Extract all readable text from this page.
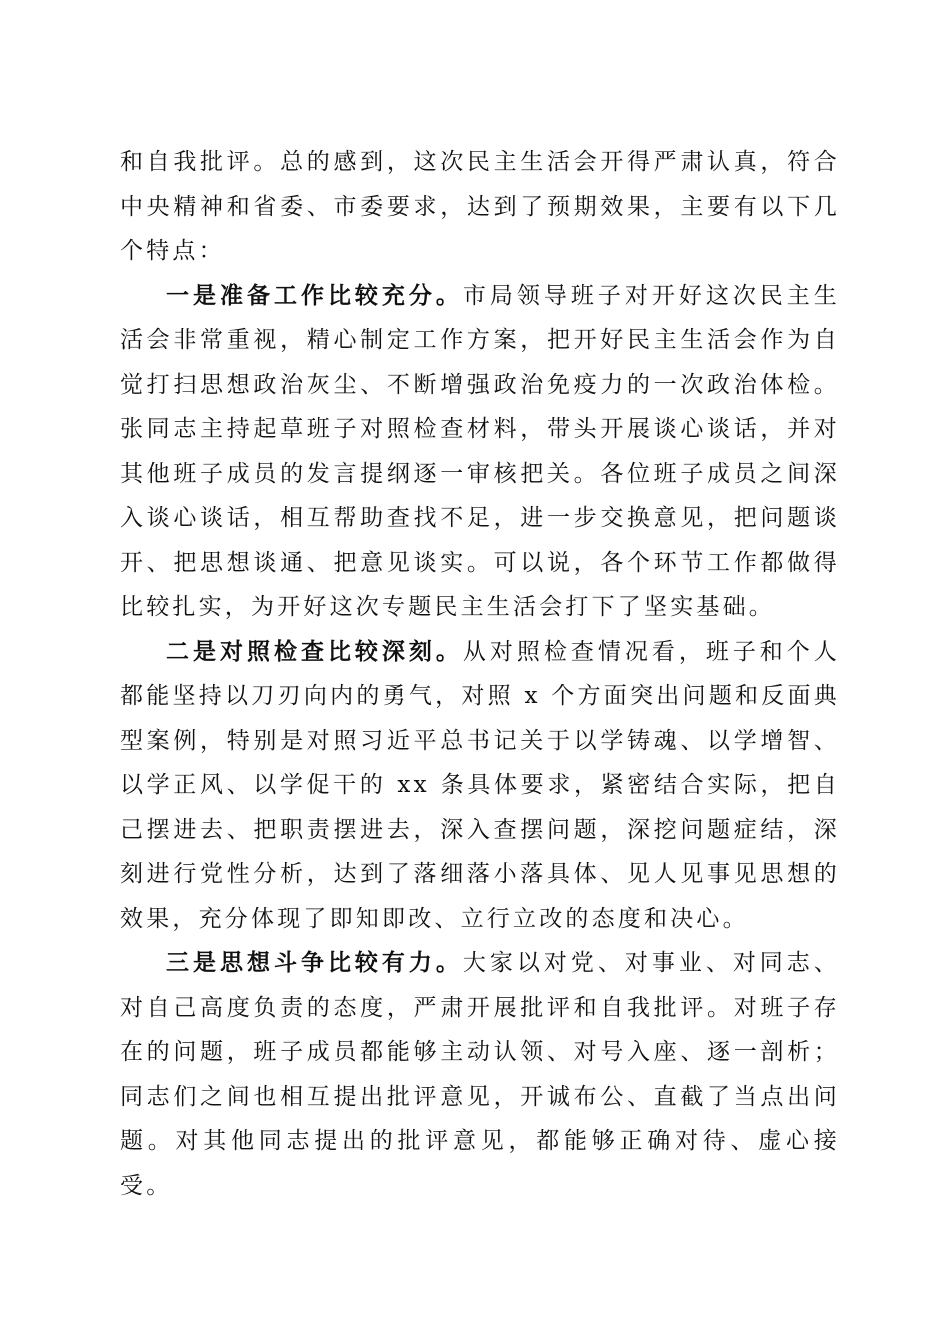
和自我批评。总的感到，这次民主生活会开得严肃认真，符合中央精神和省委、市委要求，达到了预期效果，主要有以下几个特点：

一是准备工作比较充分。市局领导班子对开好这次民主生活会非常重视，精心制定工作方案，把开好民主生活会作为自觉打扫思想政治灰尘、不断增强政治免疫力的一次政治体检。张同志主持起草班子对照检查材料，带头开展谈心谈话，并对其他班子成员的发言提纲逐一审核把关。各位班子成员之间深入谈心谈话，相互帮助查找不足，进一步交换意见，把问题谈开、把思想谈通、把意见谈实。可以说，各个环节工作都做得比较扎实，为开好这次专题民主生活会打下了坚实基础。

二是对照检查比较深刻。从对照检查情况看，班子和个人都能坚持以刀刃向内的勇气，对照 x 个方面突出问题和反面典型案例，特别是对照习近平总书记关于以学铸魂、以学增智、以学正风、以学促干的 xx 条具体要求，紧密结合实际，把自己摆进去、把职责摆进去，深入查摆问题，深挖问题症结，深刻进行党性分析，达到了落细落小落具体、见人见事见思想的效果，充分体现了即知即改、立行立改的态度和决心。

三是思想斗争比较有力。大家以对党、对事业、对同志、对自己高度负责的态度，严肃开展批评和自我批评。对班子存在的问题，班子成员都能够主动认领、对号入座、逐一剖析；同志们之间也相互提出批评意见，开诚布公、直截了当点出问题。对其他同志提出的批评意见，都能够正确对待、虚心接受。
